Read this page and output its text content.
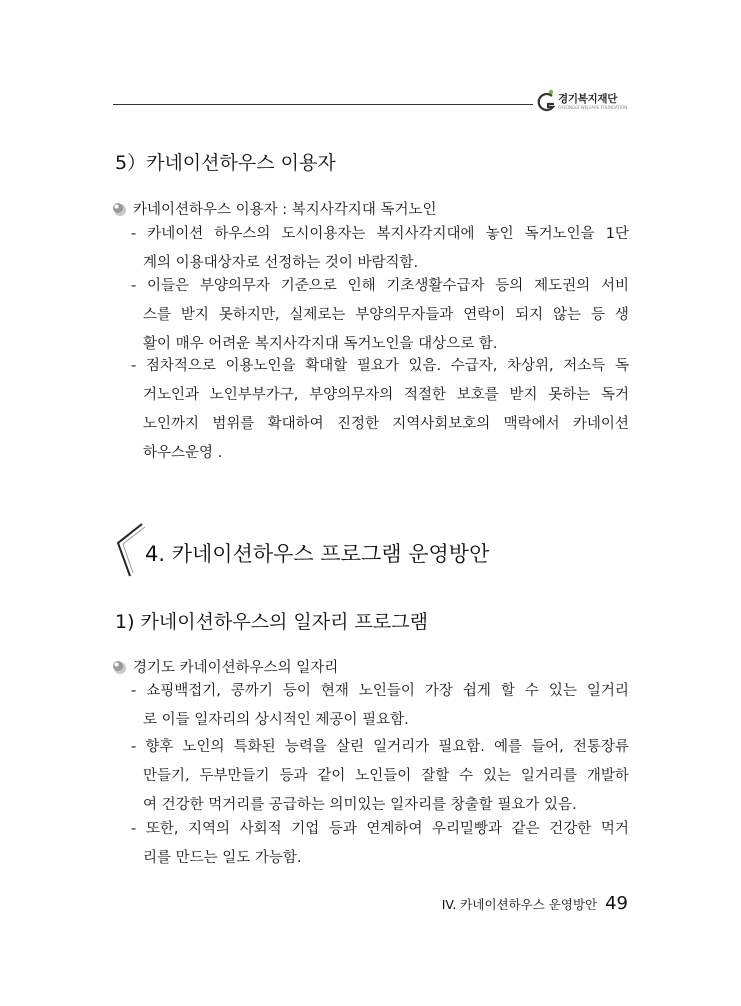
경기복지재단
GYEONGGI WELFARE FOUNDATION
5）카네이션하우스 이용자
카네이션하우스 이용자 : 복지사각지대 독거노인
- 카네이션 하우스의 도시이용자는 복지사각지대에 놓인 독거노인을 1단
계의 이용대상자로 선정하는 것이 바람직함.
- 이들은 부양의무자 기준으로 인해 기초생활수급자 등의 제도권의 서비
스를 받지 못하지만, 실제로는 부양의무자들과 연락이 되지 않는 등 생
활이 매우 어려운 복지사각지대 독거노인을 대상으로 함.
- 점차적으로 이용노인을 확대할 필요가 있음. 수급자, 차상위, 저소득 독
거노인과 노인부부가구, 부양의무자의 적절한 보호를 받지 못하는 독거
노인까지 범위를 확대하여 진정한 지역사회보호의 맥락에서 카네이션
하우스운영 .
4. 카네이션하우스 프로그램 운영방안
1) 카네이션하우스의 일자리 프로그램
경기도 카네이션하우스의 일자리
- 쇼핑백접기, 콩까기 등이 현재 노인들이 가장 쉽게 할 수 있는 일거리
로 이들 일자리의 상시적인 제공이 필요함.
- 향후 노인의 특화된 능력을 살린 일거리가 필요함. 예를 들어, 전통장류
만들기, 두부만들기 등과 같이 노인들이 잘할 수 있는 일거리를 개발하
여 건강한 먹거리를 공급하는 의미있는 일자리를 창출할 필요가 있음.
- 또한, 지역의 사회적 기업 등과 연계하여 우리밀빵과 같은 건강한 먹거
리를 만드는 일도 가능함.
IV. 카네이션하우스 운영방안 49
